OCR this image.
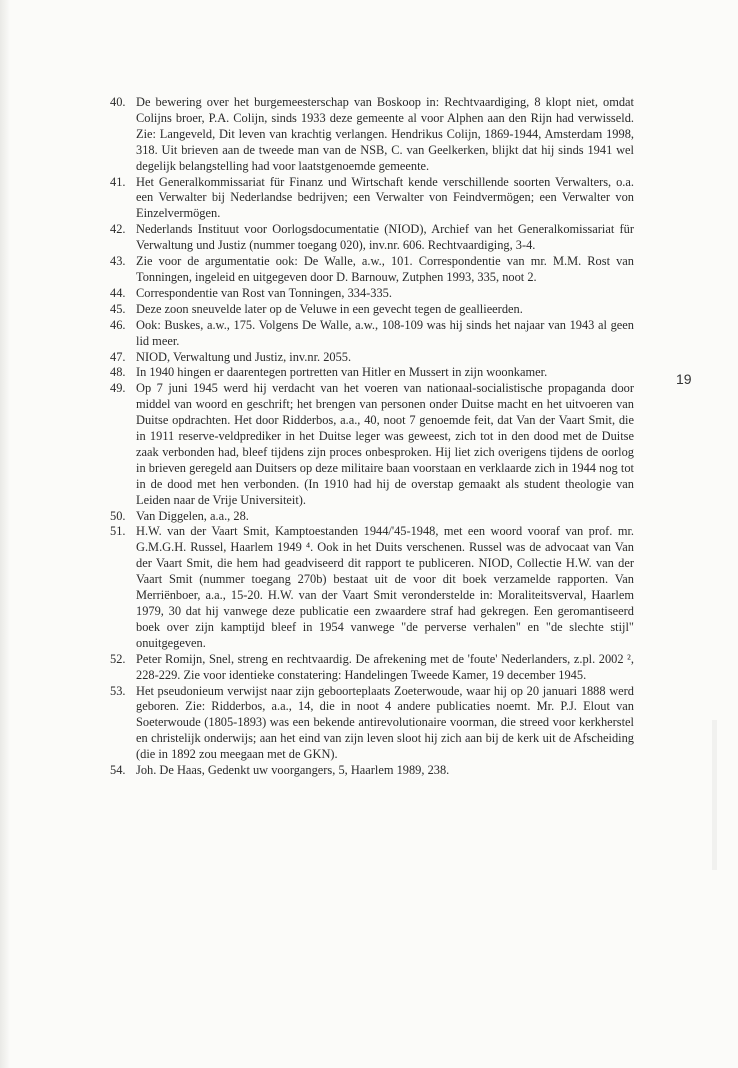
40 .	De bewering over het burgemeesterschap van Boskoop in: Rechtvaardiging, 8 klopt niet, omdat Colijns broer, P.A. Colijn, sinds 1933 deze gemeente al voor Alphen aan den Rijn had verwisseld. Zie: Langeveld, Dit leven van krachtig verlangen. Hendrikus Colijn, 1869-1944, Amsterdam 1998, 318. Uit brieven aan de tweede man van de NSB, C. van Geelkerken, blijkt dat hij sinds 1941 wel degelijk belangstelling had voor laatstgenoemde gemeente.
41 .	Het Generalkommissariat für Finanz und Wirtschaft kende verschillende soorten Verwalters, o.a. een Verwalter bij Nederlandse bedrijven; een Verwalter von Feindvermögen; een Verwalter von Einzelvermögen.
42 .	Nederlands Instituut voor Oorlogsdocumentatie (NIOD), Archief van het Generalkomissariat für Verwaltung und Justiz (nummer toegang 020), inv.nr. 606. Rechtvaardiging, 3-4.
43 .	Zie voor de argumentatie ook: De Walle, a.w., 101. Correspondentie van mr. M.M. Rost van Tonningen, ingeleid en uitgegeven door D. Barnouw, Zutphen 1993, 335, noot 2.
44 .	Correspondentie van Rost van Tonningen, 334-335.
45 .	Deze zoon sneuvelde later op de Veluwe in een gevecht tegen de geallieerden.
46 .	Ook: Buskes, a.w., 175. Volgens De Walle, a.w., 108-109 was hij sinds het najaar van 1943 al geen lid meer.
47 .	NIOD, Verwaltung und Justiz, inv.nr. 2055.
48 .	In 1940 hingen er daarentegen portretten van Hitler en Mussert in zijn woonkamer.
49 .	Op 7 juni 1945 werd hij verdacht van het voeren van nationaal-socialistische propaganda door middel van woord en geschrift; het brengen van personen onder Duitse macht en het uitvoeren van Duitse opdrachten. Het door Ridderbos, a.a., 40, noot 7 genoemde feit, dat Van der Vaart Smit, die in 1911 reserve-veldprediker in het Duitse leger was geweest, zich tot in den dood met de Duitse zaak verbonden had, bleef tijdens zijn proces onbesproken. Hij liet zich overigens tijdens de oorlog in brieven geregeld aan Duitsers op deze militaire baan voorstaan en verklaarde zich in 1944 nog tot in de dood met hen verbonden. (In 1910 had hij de overstap gemaakt als student theologie van Leiden naar de Vrije Universiteit).
50 .	Van Diggelen, a.a., 28.
51 .	H.W. van der Vaart Smit, Kamptoestanden 1944/'45-1948, met een woord vooraf van prof. mr. G.M.G.H. Russel, Haarlem 1949 ⁴. Ook in het Duits verschenen. Russel was de advocaat van Van der Vaart Smit, die hem had geadviseerd dit rapport te publiceren. NIOD, Collectie H.W. van der Vaart Smit (nummer toegang 270b) bestaat uit de voor dit boek verzamelde rapporten. Van Merriënboer, a.a., 15-20. H.W. van der Vaart Smit veronderstelde in: Moraliteitsverval, Haarlem 1979, 30 dat hij vanwege deze publicatie een zwaardere straf had gekregen. Een geromantiseerd boek over zijn kamptijd bleef in 1954 vanwege "de perverse verhalen" en "de slechte stijl" onuitgegeven.
52 .	Peter Romijn, Snel, streng en rechtvaardig. De afrekening met de 'foute' Nederlanders, z.pl. 2002 ², 228-229. Zie voor identieke constatering: Handelingen Tweede Kamer, 19 december 1945.
53 .	Het pseudonieum verwijst naar zijn geboorteplaats Zoeterwoude, waar hij op 20 januari 1888 werd geboren. Zie: Ridderbos, a.a., 14, die in noot 4 andere publicaties noemt. Mr. P.J. Elout van Soeterwoude (1805-1893) was een bekende antirevolutionaire voorman, die streed voor kerkherstel en christelijk onderwijs; aan het eind van zijn leven sloot hij zich aan bij de kerk uit de Afscheiding (die in 1892 zou meegaan met de GKN).
54 .	Joh. De Haas, Gedenkt uw voorgangers, 5, Haarlem 1989, 238.
19
